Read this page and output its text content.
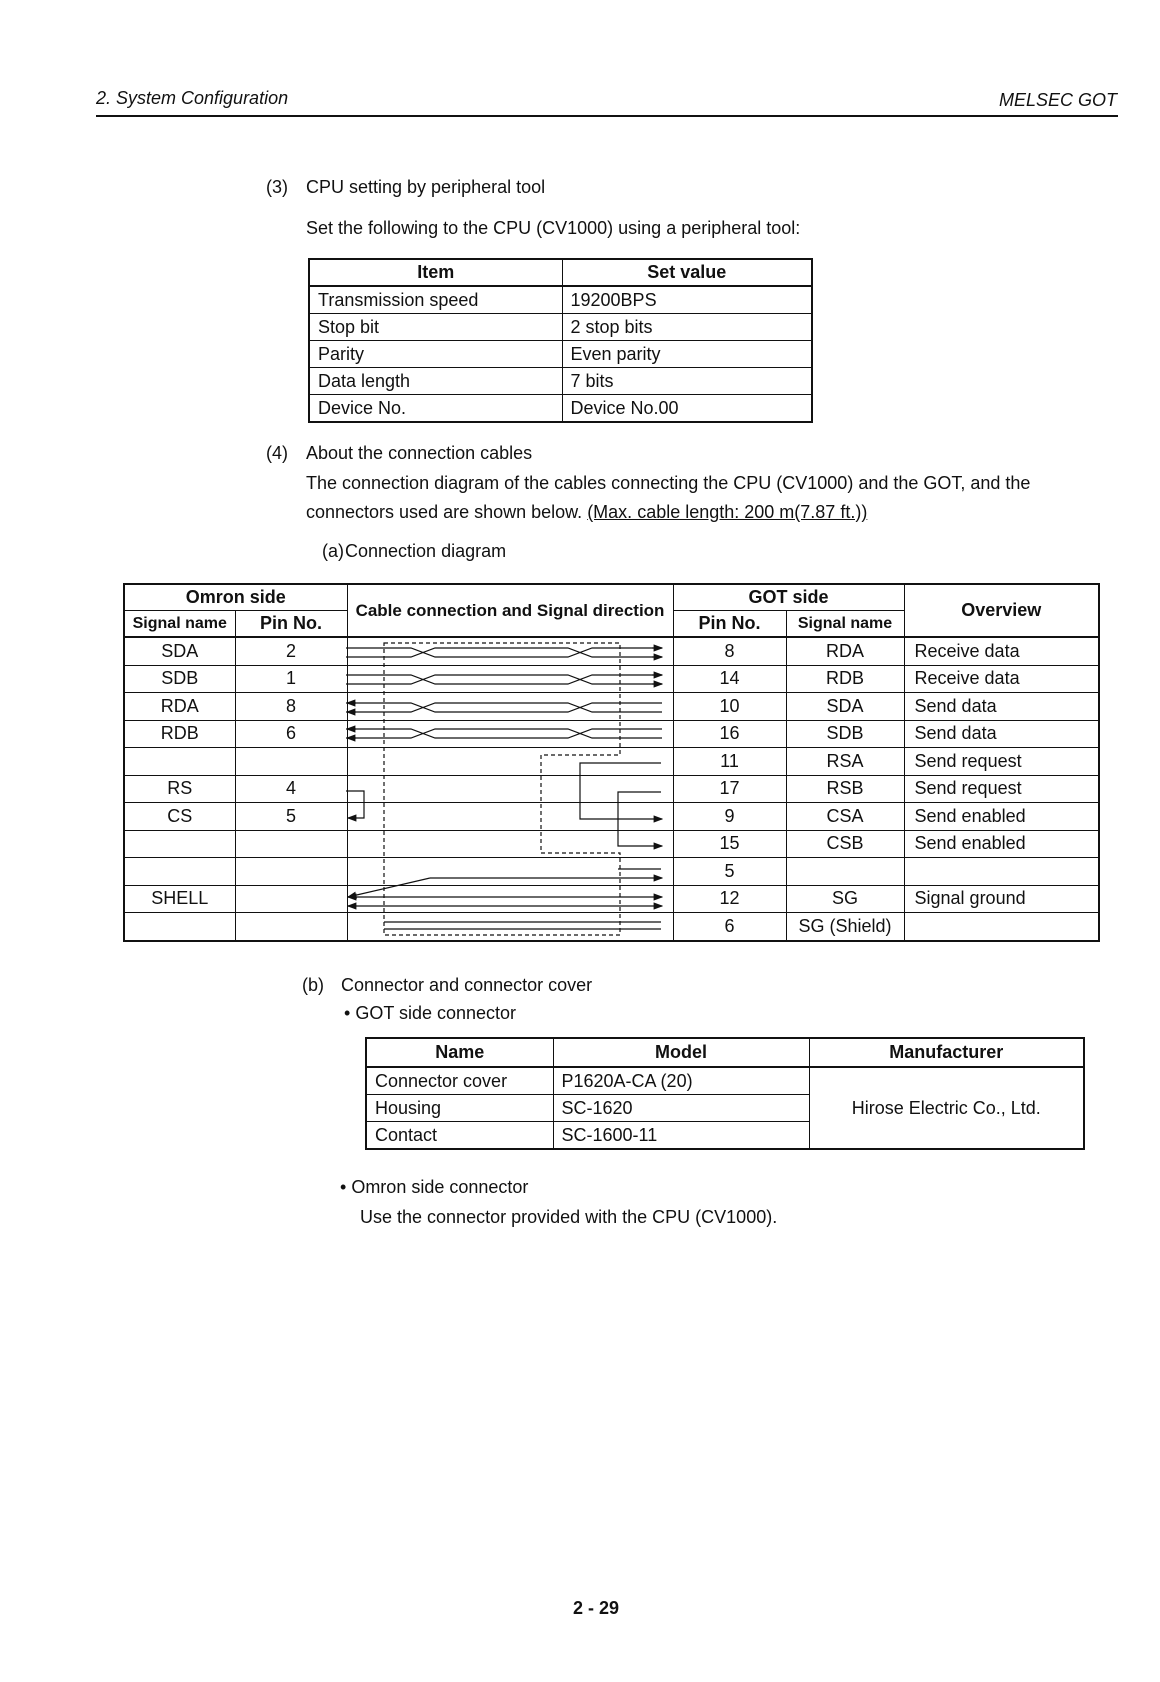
2. System Configuration	MELSEC GOT
(3) CPU setting by peripheral tool
Set the following to the CPU (CV1000) using a peripheral tool:
Item	Set value
Transmission speed	19200BPS
Stop bit	2 stop bits
Parity	Even parity
Data length	7 bits
Device No.	Device No.00
(4) About the connection cables
The connection diagram of the cables connecting the CPU (CV1000) and the GOT, and the
connectors used are shown below. (Max. cable length: 200 m(7.87 ft.))
(a) Connection diagram
Omron side		Cable connection and Signal direction	GOT side		Overview
Signal name	Pin No.		Pin No.	Signal name	
SDA	2		8	RDA	Receive data
SDB	1		14	RDB	Receive data
RDA	8		10	SDA	Send data
RDB	6		16	SDB	Send data
			11	RSA	Send request
RS	4		17	RSB	Send request
CS	5		9	CSA	Send enabled
			15	CSB	Send enabled
			5		
SHELL			12	SG	Signal ground
			6	SG (Shield)	
(b) Connector and connector cover
• GOT side connector
Name	Model	Manufacturer
Connector cover	P1620A-CA (20)	Hirose Electric Co., Ltd.
Housing	SC-1620	
Contact	SC-1600-11	
• Omron side connector
Use the connector provided with the CPU (CV1000).
2 - 29
